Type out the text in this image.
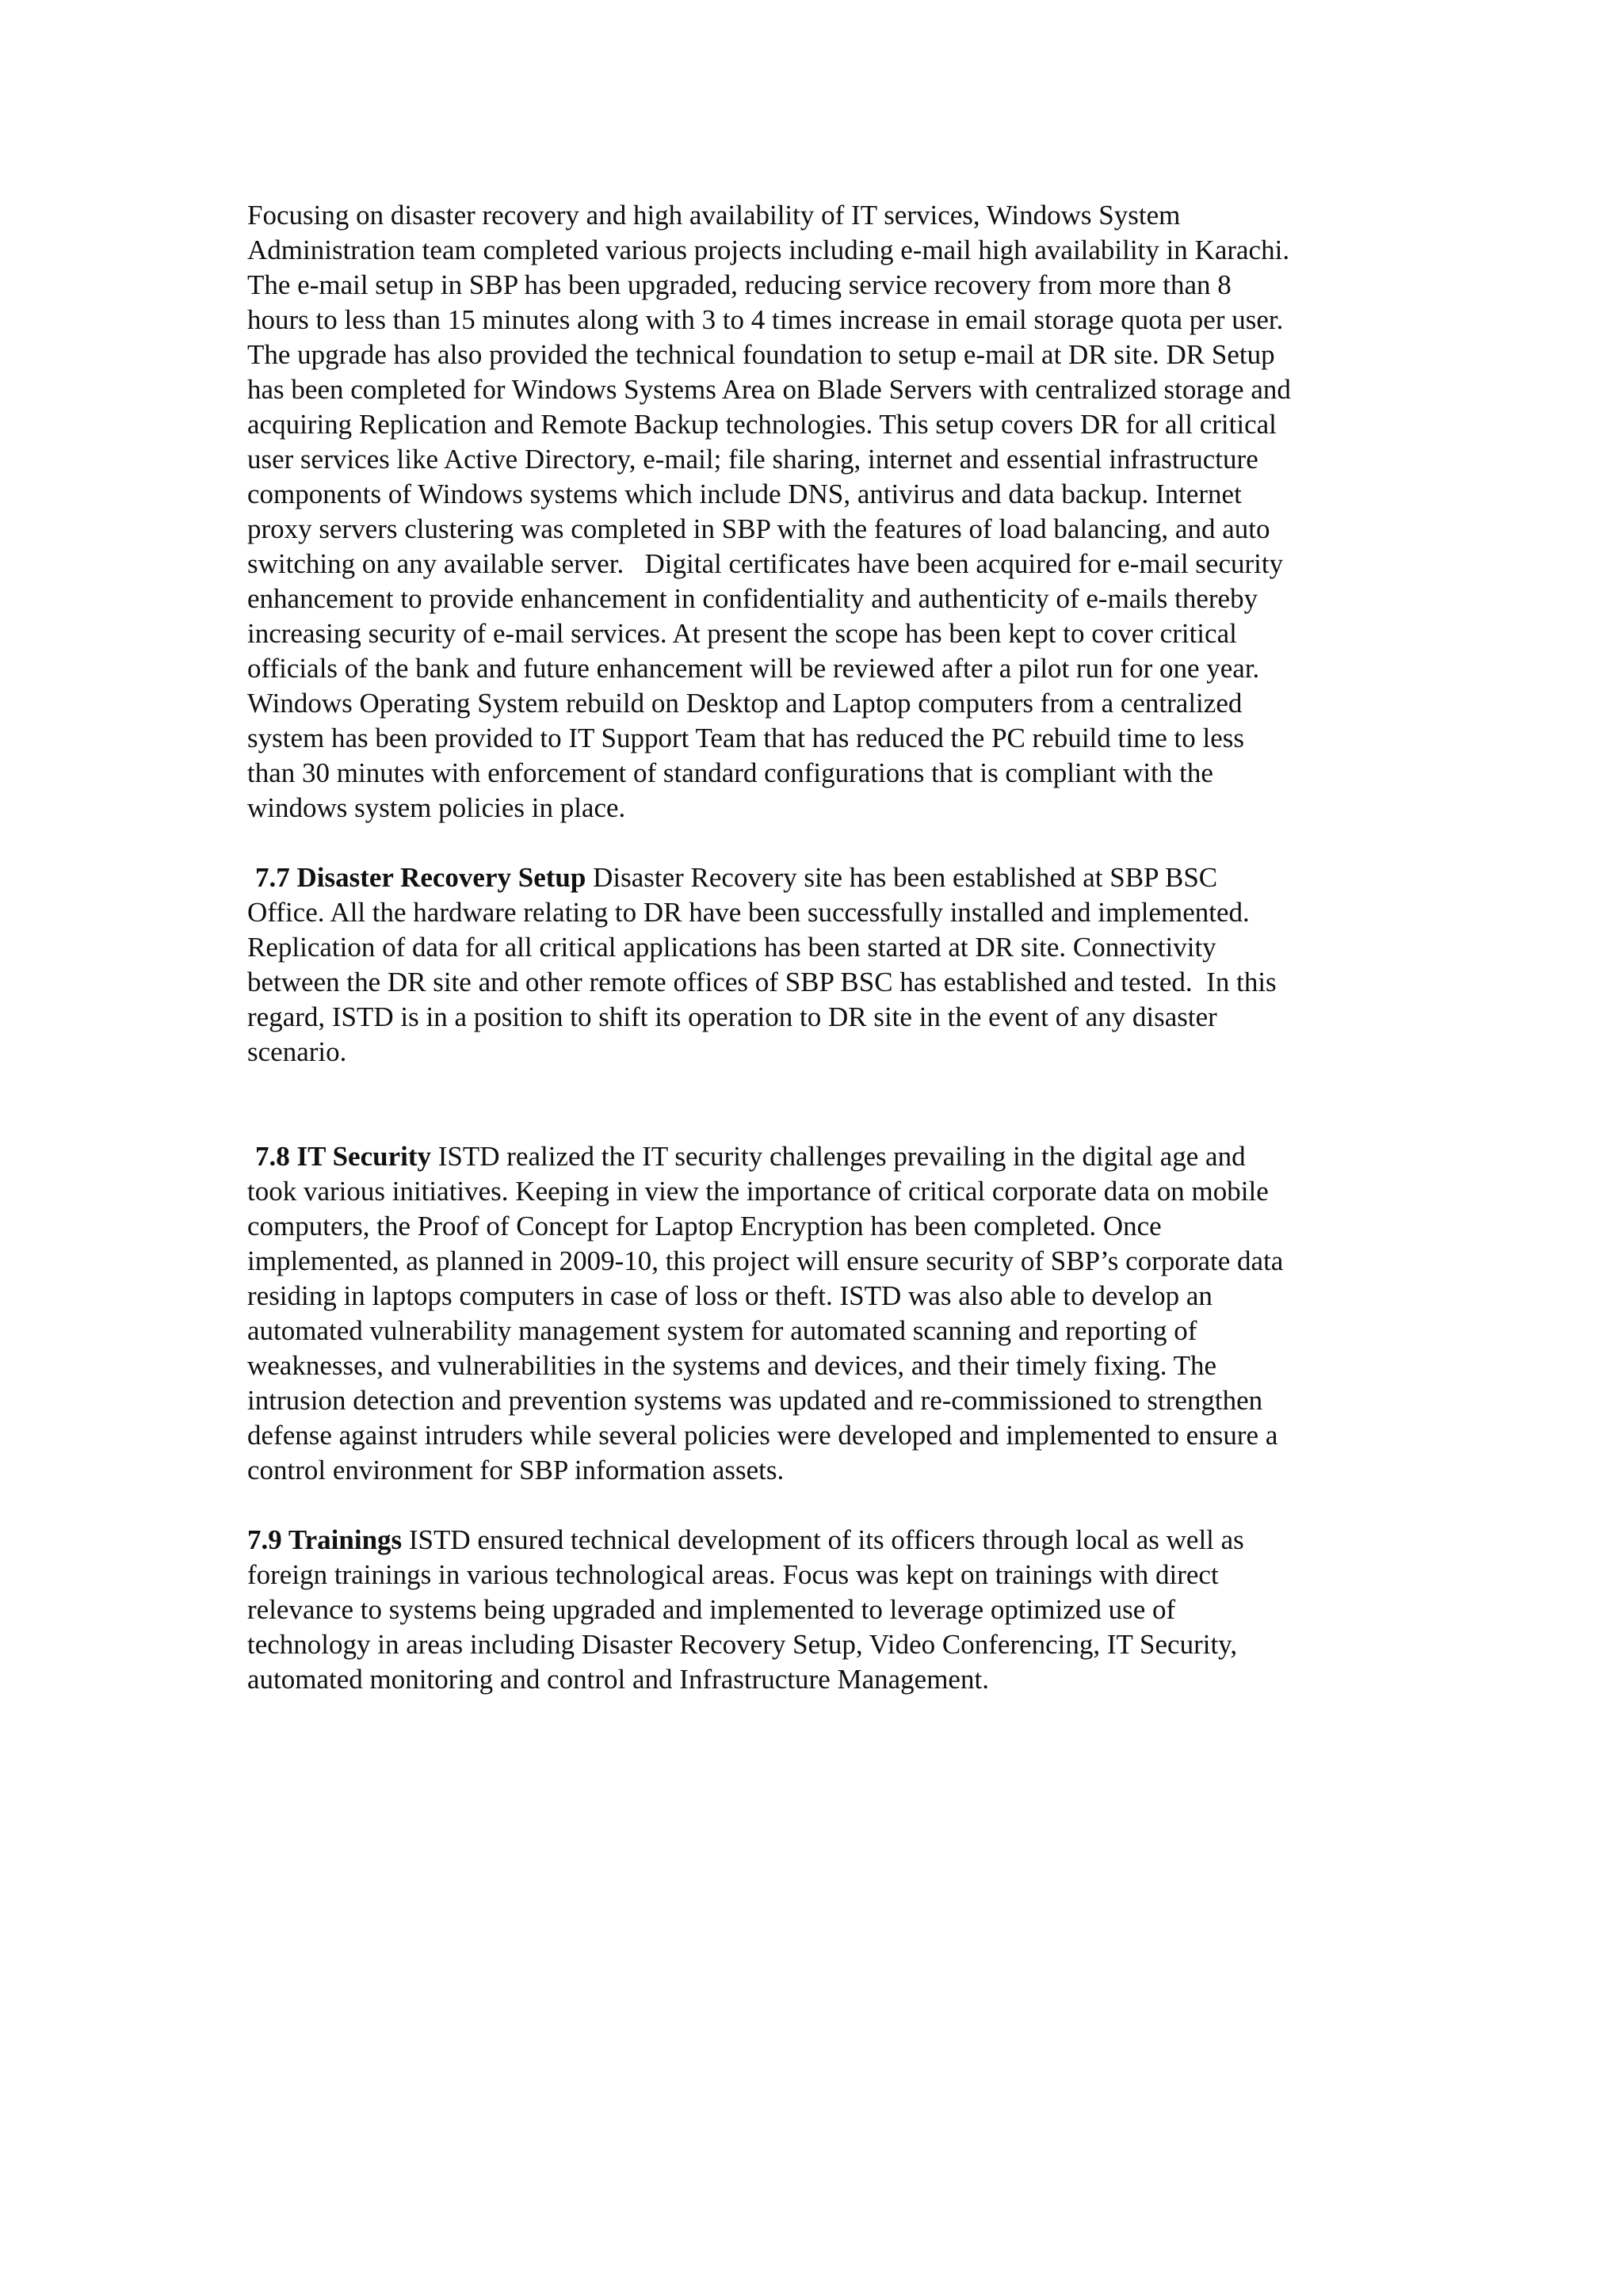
Focusing on disaster recovery and high availability of IT services, Windows System
Administration team completed various projects including e-mail high availability in Karachi.
The e-mail setup in SBP has been upgraded, reducing service recovery from more than 8
hours to less than 15 minutes along with 3 to 4 times increase in email storage quota per user.
The upgrade has also provided the technical foundation to setup e-mail at DR site. DR Setup
has been completed for Windows Systems Area on Blade Servers with centralized storage and
acquiring Replication and Remote Backup technologies. This setup covers DR for all critical
user services like Active Directory, e-mail; file sharing, internet and essential infrastructure
components of Windows systems which include DNS, antivirus and data backup. Internet
proxy servers clustering was completed in SBP with the features of load balancing, and auto
switching on any available server.   Digital certificates have been acquired for e-mail security
enhancement to provide enhancement in confidentiality and authenticity of e-mails thereby
increasing security of e-mail services. At present the scope has been kept to cover critical
officials of the bank and future enhancement will be reviewed after a pilot run for one year.
Windows Operating System rebuild on Desktop and Laptop computers from a centralized
system has been provided to IT Support Team that has reduced the PC rebuild time to less
than 30 minutes with enforcement of standard configurations that is compliant with the
windows system policies in place.
7.7 Disaster Recovery Setup Disaster Recovery site has been established at SBP BSC
Office. All the hardware relating to DR have been successfully installed and implemented.
Replication of data for all critical applications has been started at DR site. Connectivity
between the DR site and other remote offices of SBP BSC has established and tested.  In this
regard, ISTD is in a position to shift its operation to DR site in the event of any disaster
scenario.
7.8 IT Security ISTD realized the IT security challenges prevailing in the digital age and
took various initiatives. Keeping in view the importance of critical corporate data on mobile
computers, the Proof of Concept for Laptop Encryption has been completed. Once
implemented, as planned in 2009-10, this project will ensure security of SBP’s corporate data
residing in laptops computers in case of loss or theft. ISTD was also able to develop an
automated vulnerability management system for automated scanning and reporting of
weaknesses, and vulnerabilities in the systems and devices, and their timely fixing. The
intrusion detection and prevention systems was updated and re-commissioned to strengthen
defense against intruders while several policies were developed and implemented to ensure a
control environment for SBP information assets.
7.9 Trainings ISTD ensured technical development of its officers through local as well as
foreign trainings in various technological areas. Focus was kept on trainings with direct
relevance to systems being upgraded and implemented to leverage optimized use of
technology in areas including Disaster Recovery Setup, Video Conferencing, IT Security,
automated monitoring and control and Infrastructure Management.
